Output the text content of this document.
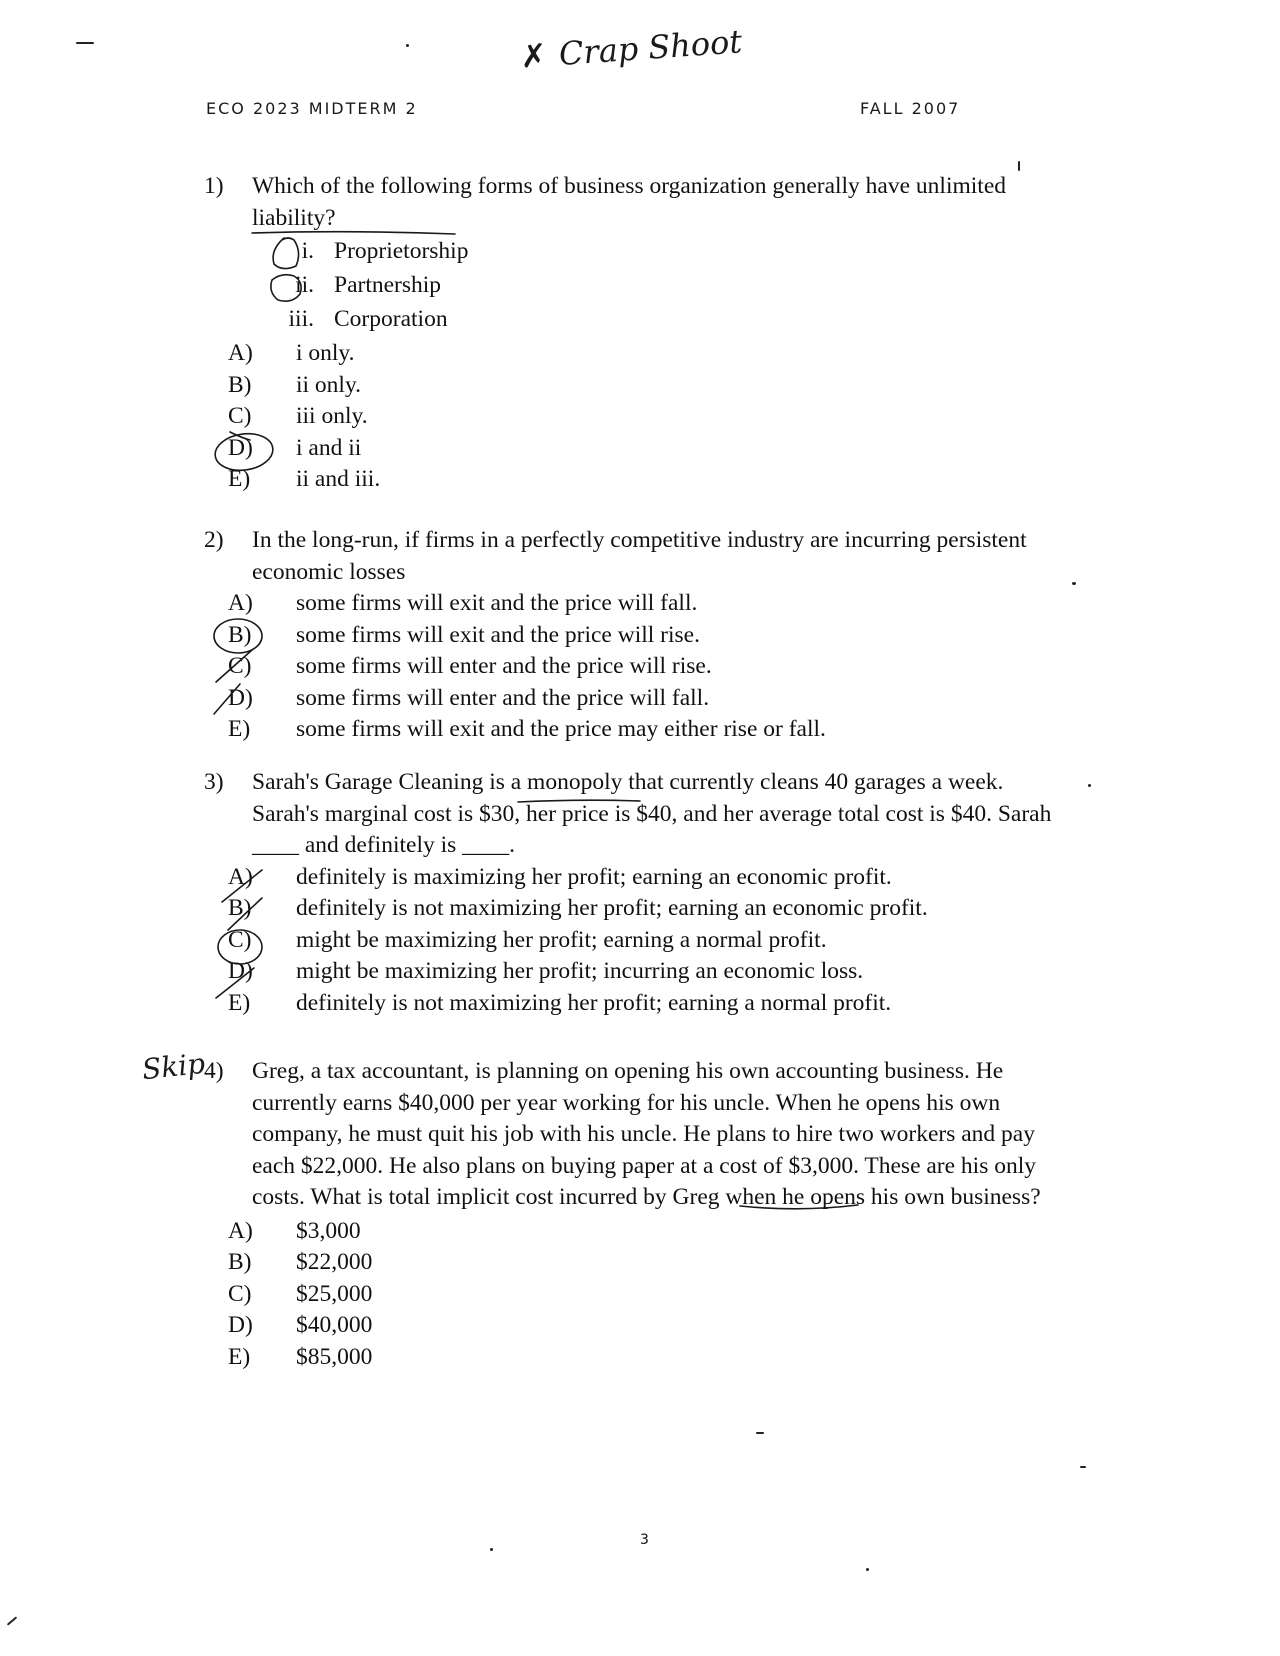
✗ Crap Shoot
ECO 2023 MIDTERM 2	FALL 2007
1)	Which of the following forms of business organization generally have unlimited liability?
i. Proprietorship
ii. Partnership
iii. Corporation
A)	i only.
B)	ii only.
C)	iii only.
D)	i and ii
E)	ii and iii.
2)	In the long-run, if firms in a perfectly competitive industry are incurring persistent economic losses
A)	some firms will exit and the price will fall.
B)	some firms will exit and the price will rise.
C)	some firms will enter and the price will rise.
D)	some firms will enter and the price will fall.
E)	some firms will exit and the price may either rise or fall.
3)	Sarah's Garage Cleaning is a monopoly that currently cleans 40 garages a week. Sarah's marginal cost is $30, her price is $40, and her average total cost is $40. Sarah ____ and definitely is ____.
A)	definitely is maximizing her profit; earning an economic profit.
B)	definitely is not maximizing her profit; earning an economic profit.
C)	might be maximizing her profit; earning a normal profit.
D)	might be maximizing her profit; incurring an economic loss.
E)	definitely is not maximizing her profit; earning a normal profit.
Skip
4)	Greg, a tax accountant, is planning on opening his own accounting business. He currently earns $40,000 per year working for his uncle. When he opens his own company, he must quit his job with his uncle. He plans to hire two workers and pay each $22,000. He also plans on buying paper at a cost of $3,000. These are his only costs. What is total implicit cost incurred by Greg when he opens his own business?
A)	$3,000
B)	$22,000
C)	$25,000
D)	$40,000
E)	$85,000
3
